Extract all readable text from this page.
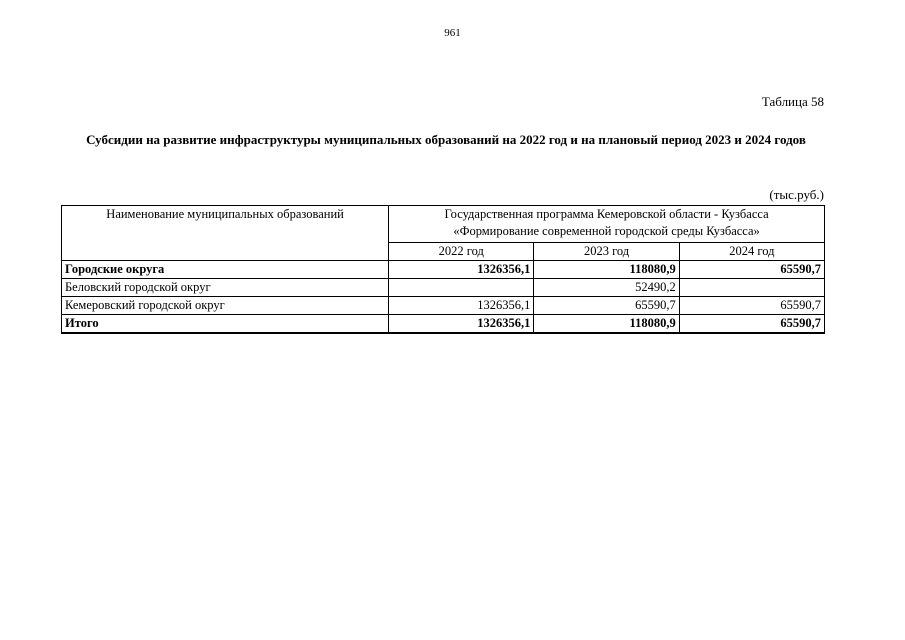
961
Таблица 58
Субсидии на развитие инфраструктуры муниципальных образований на 2022 год и на плановый период 2023 и 2024 годов
(тыс.руб.)
Наименование муниципальных образований	Государственная программа Кемеровской области - Кузбасса
«Формирование современной городской среды Кузбасса»		

	2022 год	2023 год	2024 год
Городские округа	1326356,1	118080,9	65590,7
Беловский городской округ		52490,2	
Кемеровский городской округ	1326356,1	65590,7	65590,7
Итого	1326356,1	118080,9	65590,7
